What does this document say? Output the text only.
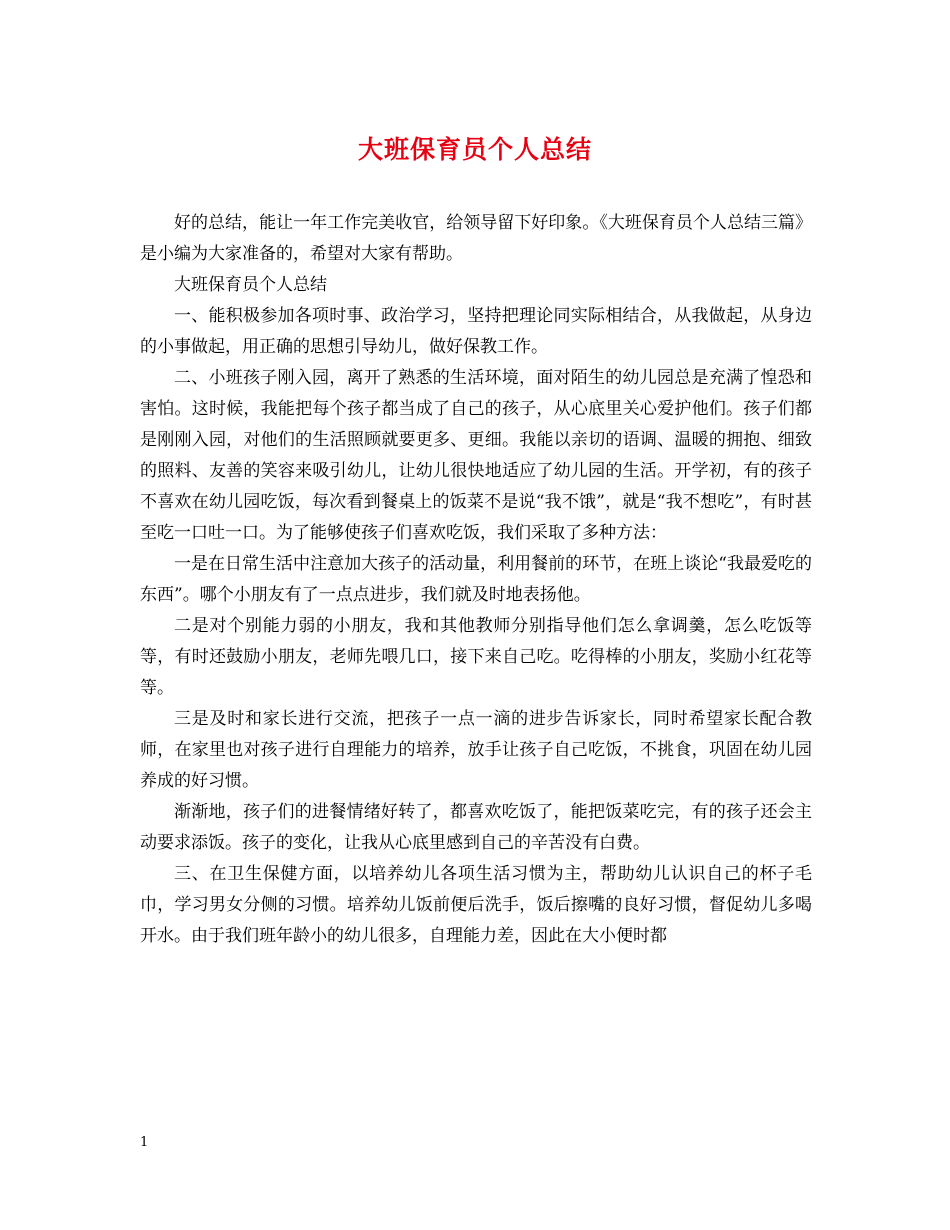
大班保育员个人总结

好的总结，能让一年工作完美收官，给领导留下好印象。《大班保育员个人总结三篇》是小编为大家准备的，希望对大家有帮助。

大班保育员个人总结

一、能积极参加各项时事、政治学习，坚持把理论同实际相结合，从我做起，从身边的小事做起，用正确的思想引导幼儿，做好保教工作。

二、小班孩子刚入园，离开了熟悉的生活环境，面对陌生的幼儿园总是充满了惶恐和害怕。这时候，我能把每个孩子都当成了自己的孩子，从心底里关心爱护他们。孩子们都是刚刚入园，对他们的生活照顾就要更多、更细。我能以亲切的语调、温暖的拥抱、细致的照料、友善的笑容来吸引幼儿，让幼儿很快地适应了幼儿园的生活。开学初，有的孩子不喜欢在幼儿园吃饭，每次看到餐桌上的饭菜不是说“我不饿”，就是“我不想吃”，有时甚至吃一口吐一口。为了能够使孩子们喜欢吃饭，我们采取了多种方法：

一是在日常生活中注意加大孩子的活动量，利用餐前的环节，在班上谈论“我最爱吃的东西”。哪个小朋友有了一点点进步，我们就及时地表扬他。

二是对个别能力弱的小朋友，我和其他教师分别指导他们怎么拿调羹，怎么吃饭等等，有时还鼓励小朋友，老师先喂几口，接下来自己吃。吃得棒的小朋友，奖励小红花等等。

三是及时和家长进行交流，把孩子一点一滴的进步告诉家长，同时希望家长配合教师，在家里也对孩子进行自理能力的培养，放手让孩子自己吃饭，不挑食，巩固在幼儿园养成的好习惯。

渐渐地，孩子们的进餐情绪好转了，都喜欢吃饭了，能把饭菜吃完，有的孩子还会主动要求添饭。孩子的变化，让我从心底里感到自己的辛苦没有白费。

三、在卫生保健方面，以培养幼儿各项生活习惯为主，帮助幼儿认识自己的杯子毛巾，学习男女分侧的习惯。培养幼儿饭前便后洗手，饭后擦嘴的良好习惯，督促幼儿多喝开水。由于我们班年龄小的幼儿很多，自理能力差，因此在大小便时都

1
